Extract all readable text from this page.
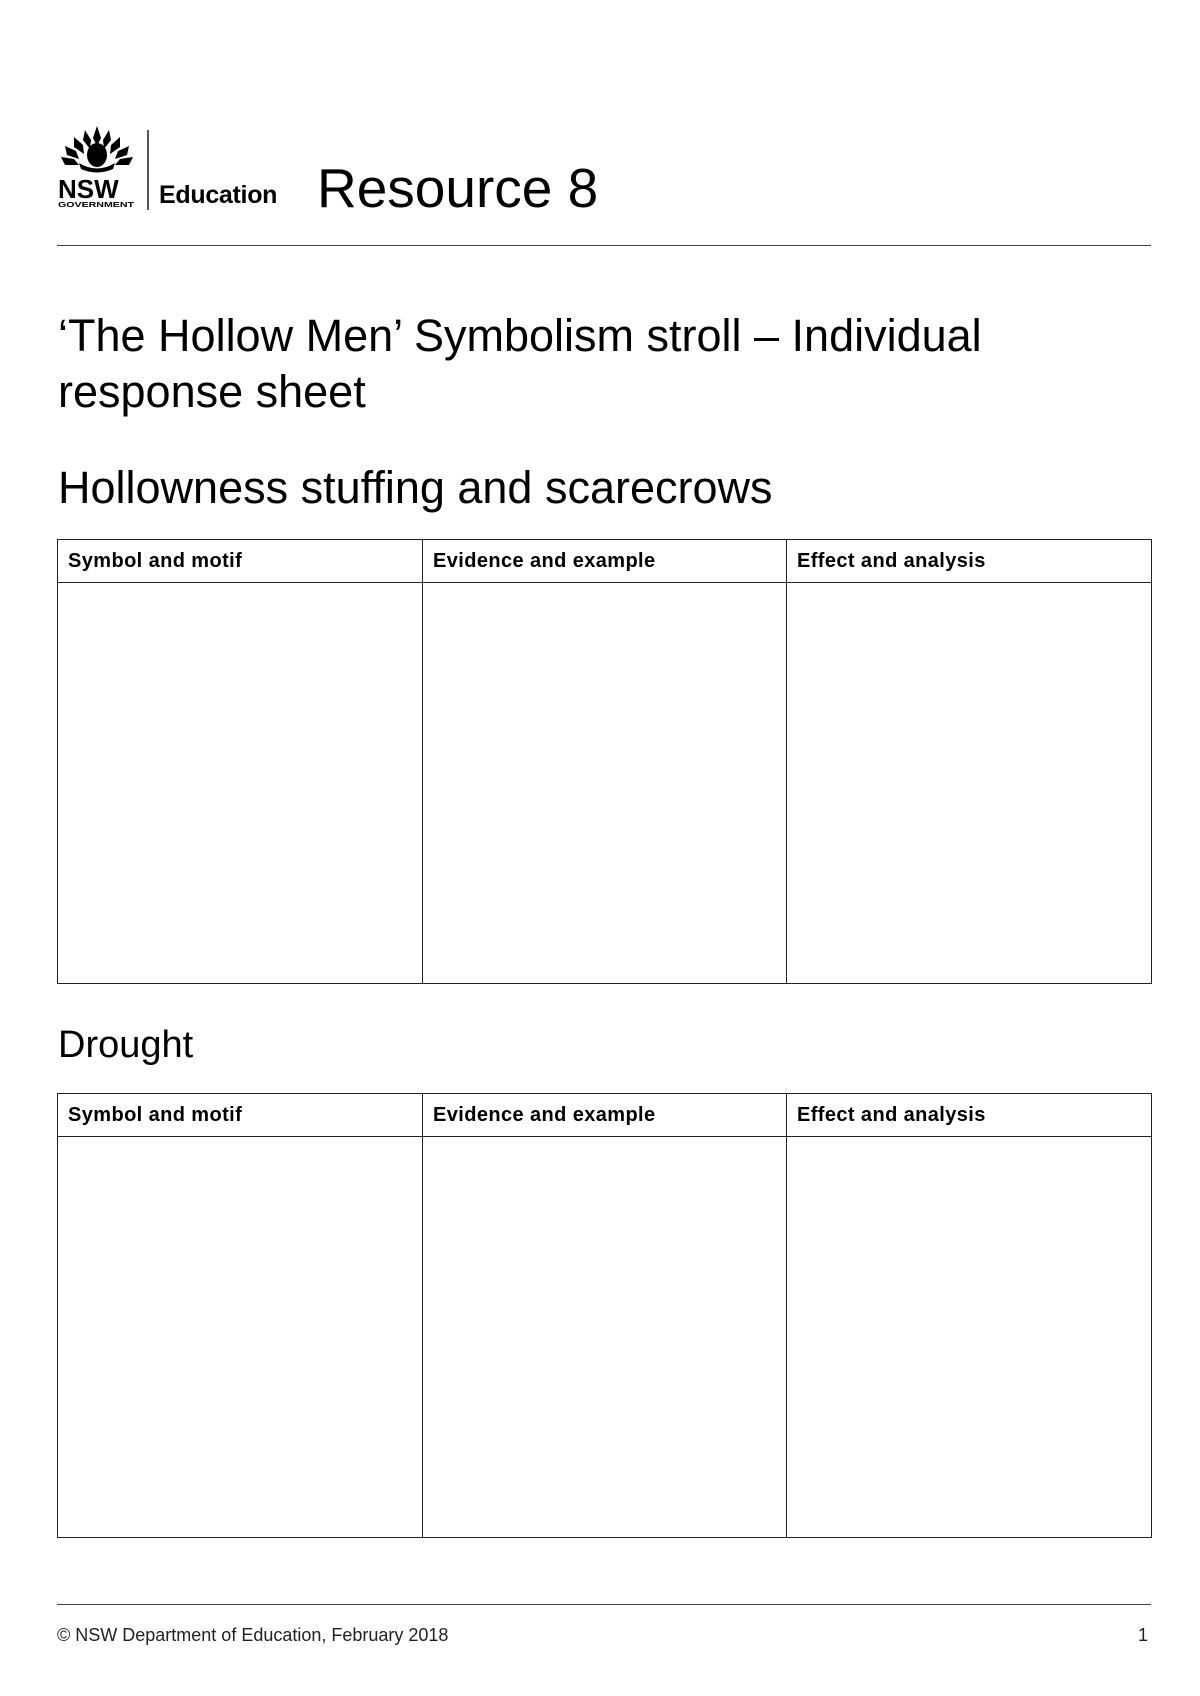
NSW
GOVERNMENT Education Resource 8
‘The Hollow Men’ Symbolism stroll – Individual response sheet
Hollowness stuffing and scarecrows
Symbol and motif	Evidence and example	Effect and analysis

Drought
Symbol and motif	Evidence and example	Effect and analysis

© NSW Department of Education, February 2018	1
